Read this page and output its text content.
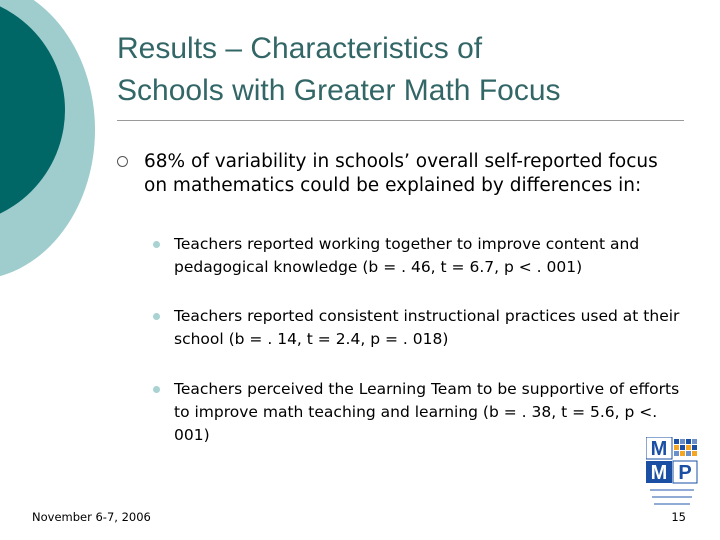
Results – Characteristics of
Schools with Greater Math Focus
68% of variability in schools’ overall self-reported focus on mathematics could be explained by differences in:
Teachers reported working together to improve content and pedagogical knowledge (b = . 46, t = 6.7, p < . 001)
Teachers reported consistent instructional practices used at their school (b = . 14, t = 2.4, p = . 018)
Teachers perceived the Learning Team to be supportive of efforts to improve math teaching and learning (b = . 38, t = 5.6, p <. 001)
M
M P
November 6-7, 2006	15
